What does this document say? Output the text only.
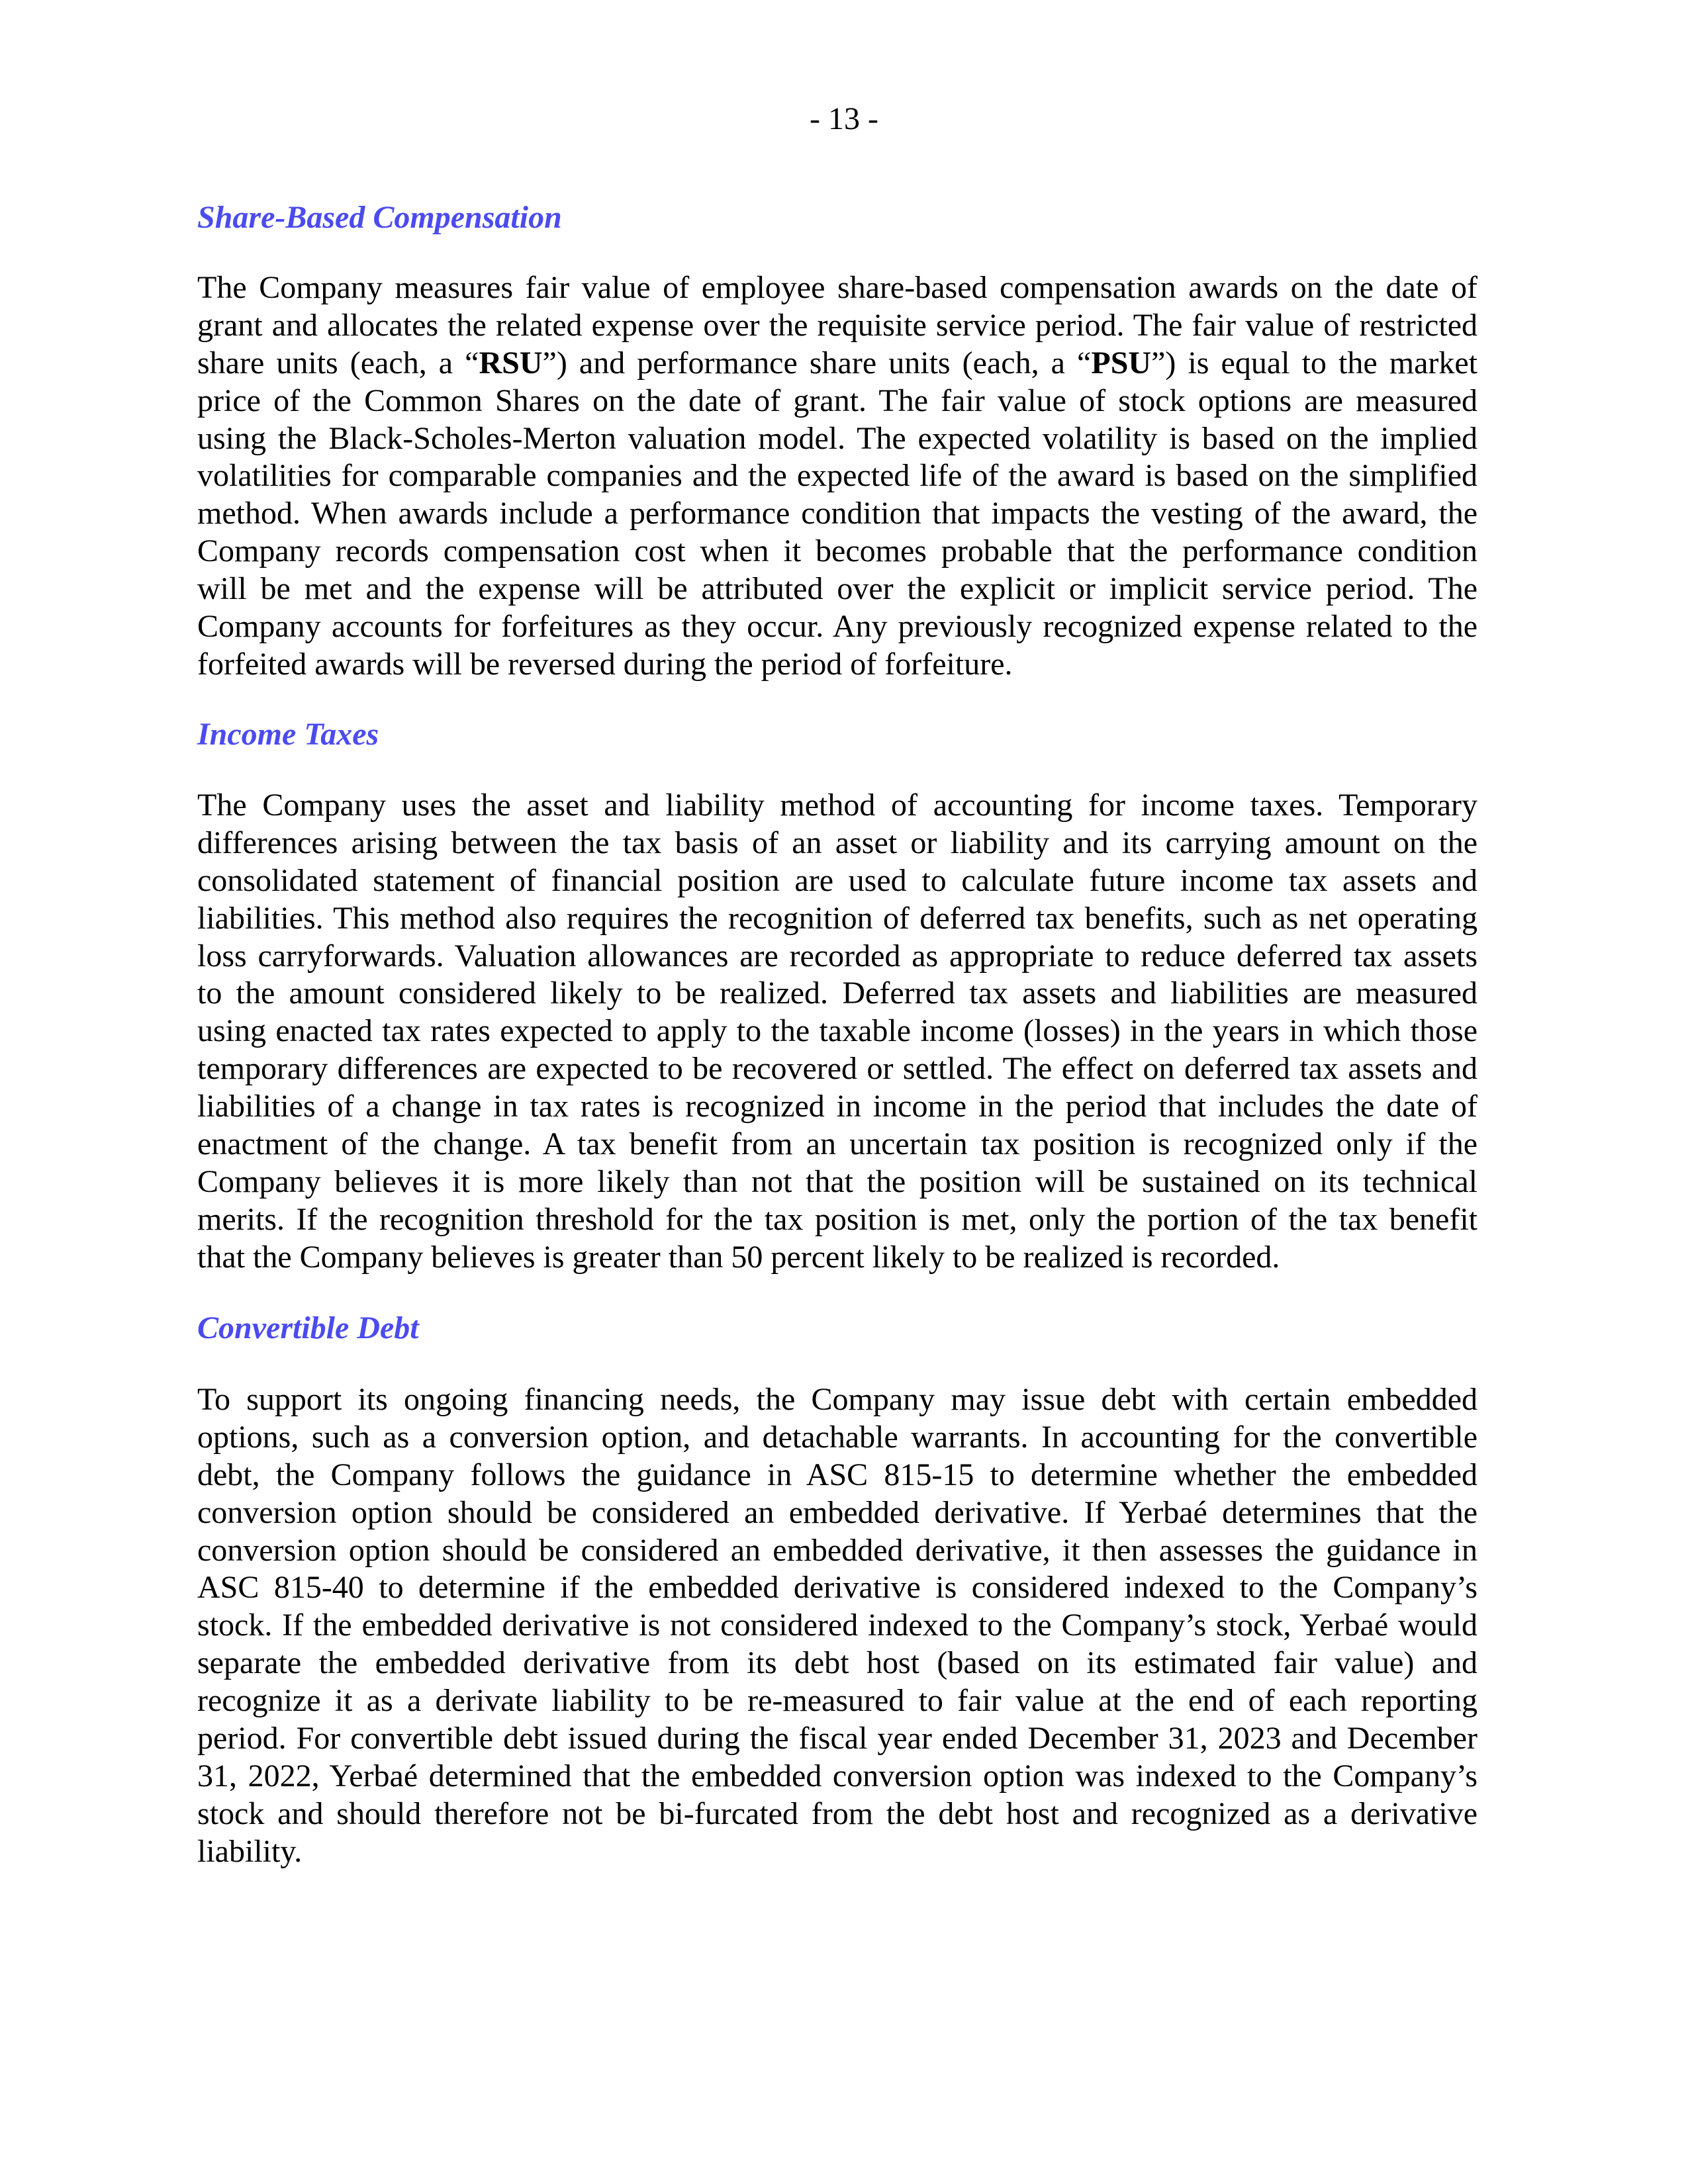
- 13 -
Share-Based Compensation
The Company measures fair value of employee share-based compensation awards on the date of
grant and allocates the related expense over the requisite service period. The fair value of restricted
share units (each, a “RSU”) and performance share units (each, a “PSU”) is equal to the market
price of the Common Shares on the date of grant. The fair value of stock options are measured
using the Black-Scholes-Merton valuation model. The expected volatility is based on the implied
volatilities for comparable companies and the expected life of the award is based on the simplified
method. When awards include a performance condition that impacts the vesting of the award, the
Company records compensation cost when it becomes probable that the performance condition
will be met and the expense will be attributed over the explicit or implicit service period. The
Company accounts for forfeitures as they occur. Any previously recognized expense related to the
forfeited awards will be reversed during the period of forfeiture.
Income Taxes
The Company uses the asset and liability method of accounting for income taxes. Temporary
differences arising between the tax basis of an asset or liability and its carrying amount on the
consolidated statement of financial position are used to calculate future income tax assets and
liabilities. This method also requires the recognition of deferred tax benefits, such as net operating
loss carryforwards. Valuation allowances are recorded as appropriate to reduce deferred tax assets
to the amount considered likely to be realized. Deferred tax assets and liabilities are measured
using enacted tax rates expected to apply to the taxable income (losses) in the years in which those
temporary differences are expected to be recovered or settled. The effect on deferred tax assets and
liabilities of a change in tax rates is recognized in income in the period that includes the date of
enactment of the change. A tax benefit from an uncertain tax position is recognized only if the
Company believes it is more likely than not that the position will be sustained on its technical
merits. If the recognition threshold for the tax position is met, only the portion of the tax benefit
that the Company believes is greater than 50 percent likely to be realized is recorded.
Convertible Debt
To support its ongoing financing needs, the Company may issue debt with certain embedded
options, such as a conversion option, and detachable warrants. In accounting for the convertible
debt, the Company follows the guidance in ASC 815-15 to determine whether the embedded
conversion option should be considered an embedded derivative. If Yerbaé determines that the
conversion option should be considered an embedded derivative, it then assesses the guidance in
ASC 815-40 to determine if the embedded derivative is considered indexed to the Company’s
stock. If the embedded derivative is not considered indexed to the Company’s stock, Yerbaé would
separate the embedded derivative from its debt host (based on its estimated fair value) and
recognize it as a derivate liability to be re-measured to fair value at the end of each reporting
period. For convertible debt issued during the fiscal year ended December 31, 2023 and December
31, 2022, Yerbaé determined that the embedded conversion option was indexed to the Company’s
stock and should therefore not be bi-furcated from the debt host and recognized as a derivative
liability.
